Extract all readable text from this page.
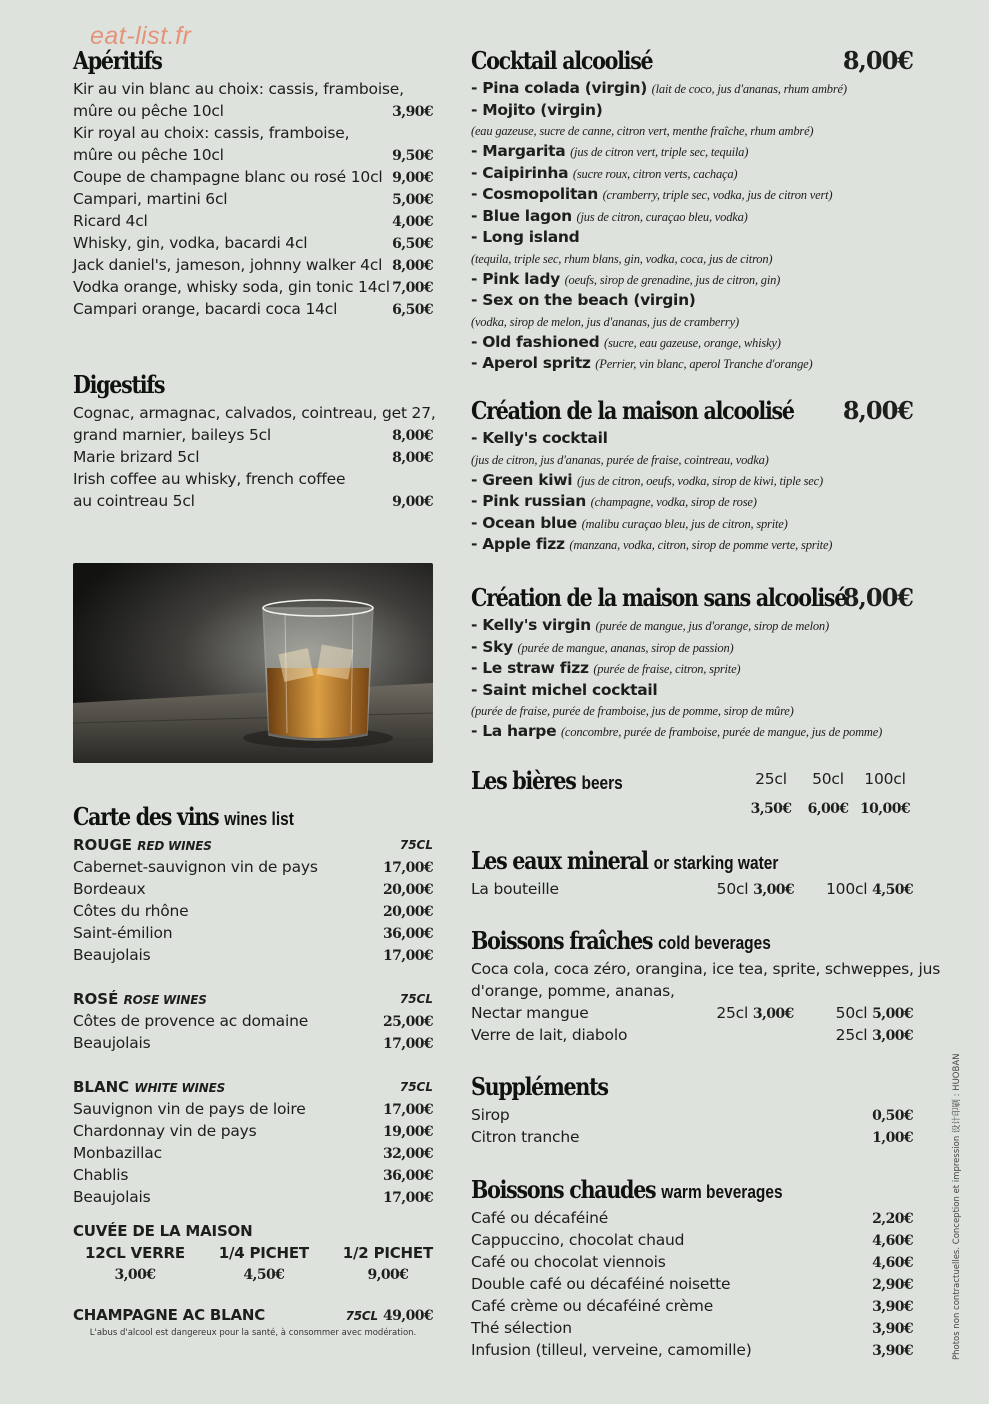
eat-list.fr
Apéritifs
Kir au vin blanc au choix: cassis, framboise,
mûre ou pêche 10cl	3,90€
Kir royal au choix: cassis, framboise,
mûre ou pêche 10cl	9,50€
Coupe de champagne blanc ou rosé 10cl 9,00€
Campari, martini 6cl	5,00€
Ricard 4cl	4,00€
Whisky, gin, vodka, bacardi 4cl	6,50€
Jack daniel's, jameson, johnny walker 4cl 8,00€
Vodka orange, whisky soda, gin tonic 14cl 7,00€
Campari orange, bacardi coca 14cl	6,50€
Digestifs
Cognac, armagnac, calvados, cointreau, get 27,
grand marnier, baileys 5cl	8,00€
Marie brizard 5cl	8,00€
Irish coffee au whisky, french coffee
au cointreau 5cl	9,00€
Carte des vins wines list
ROUGE RED WINES	75CL
Cabernet-sauvignon vin de pays	17,00€
Bordeaux	20,00€
Côtes du rhône	20,00€
Saint-émilion	36,00€
Beaujolais	17,00€
ROSÉ ROSE WINES	75CL
Côtes de provence ac domaine	25,00€
Beaujolais	17,00€
BLANC WHITE WINES	75CL
Sauvignon vin de pays de loire	17,00€
Chardonnay vin de pays	19,00€
Monbazillac	32,00€
Chablis	36,00€
Beaujolais	17,00€
CUVÉE DE LA MAISON
12CL VERRE
3,00€
1/4 PICHET
4,50€
1/2 PICHET
9,00€
CHAMPAGNE AC BLANC	75CL 49,00€
L'abus d'alcool est dangereux pour la santé, à consommer avec modération.
Cocktail alcoolisé	8,00€
- Pina colada (virgin) (lait de coco, jus d'ananas, rhum ambré)
- Mojito (virgin)
(eau gazeuse, sucre de canne, citron vert, menthe fraîche, rhum ambré)
- Margarita (jus de citron vert, triple sec, tequila)
- Caipirinha (sucre roux, citron verts, cachaça)
- Cosmopolitan (cramberry, triple sec, vodka, jus de citron vert)
- Blue lagon (jus de citron, curaçao bleu, vodka)
- Long island
(tequila, triple sec, rhum blans, gin, vodka, coca, jus de citron)
- Pink lady (oeufs, sirop de grenadine, jus de citron, gin)
- Sex on the beach (virgin)
(vodka, sirop de melon, jus d'ananas, jus de cramberry)
- Old fashioned (sucre, eau gazeuse, orange, whisky)
- Aperol spritz (Perrier, vin blanc, aperol Tranche d'orange)
Création de la maison alcoolisé	8,00€
- Kelly's cocktail
(jus de citron, jus d'ananas, purée de fraise, cointreau, vodka)
- Green kiwi (jus de citron, oeufs, vodka, sirop de kiwi, tiple sec)
- Pink russian (champagne, vodka, sirop de rose)
- Ocean blue (malibu curaçao bleu, jus de citron, sprite)
- Apple fizz (manzana, vodka, citron, sirop de pomme verte, sprite)
Création de la maison sans alcoolisé
8,00€
- Kelly's virgin (purée de mangue, jus d'orange, sirop de melon)
- Sky (purée de mangue, ananas, sirop de passion)
- Le straw fizz (purée de fraise, citron, sprite)
- Saint michel cocktail
(purée de fraise, purée de framboise, jus de pomme, sirop de mûre)
- La harpe (concombre, purée de framboise, purée de mangue, jus de pomme)
Les bières beers	25cl	50cl	100cl
3,50€	6,00€ 10,00€
Les eaux mineral or starking water
La bouteille	50cl 3,00€ 100cl 4,50€
Boissons fraîches cold beverages
Coca cola, coca zéro, orangina, ice tea, sprite, schweppes, jus
d'orange, pomme, ananas,
Nectar mangue	25cl 3,00€	50cl 5,00€
Verre de lait, diabolo	25cl 3,00€
Suppléments
Sirop	0,50€
Citron tranche	1,00€
Boissons chaudes warm beverages
Café ou décaféiné	2,20€
Cappuccino, chocolat chaud	4,60€
Café ou chocolat viennois	4,60€
Double café ou décaféiné noisette	2,90€
Café crème ou décaféiné crème	3,90€
Thé sélection	3,90€
Infusion (tilleul, verveine, camomille)	3,90€	Photos non contractuelles. Conception et impression 设计印刷 : HUOBAN
